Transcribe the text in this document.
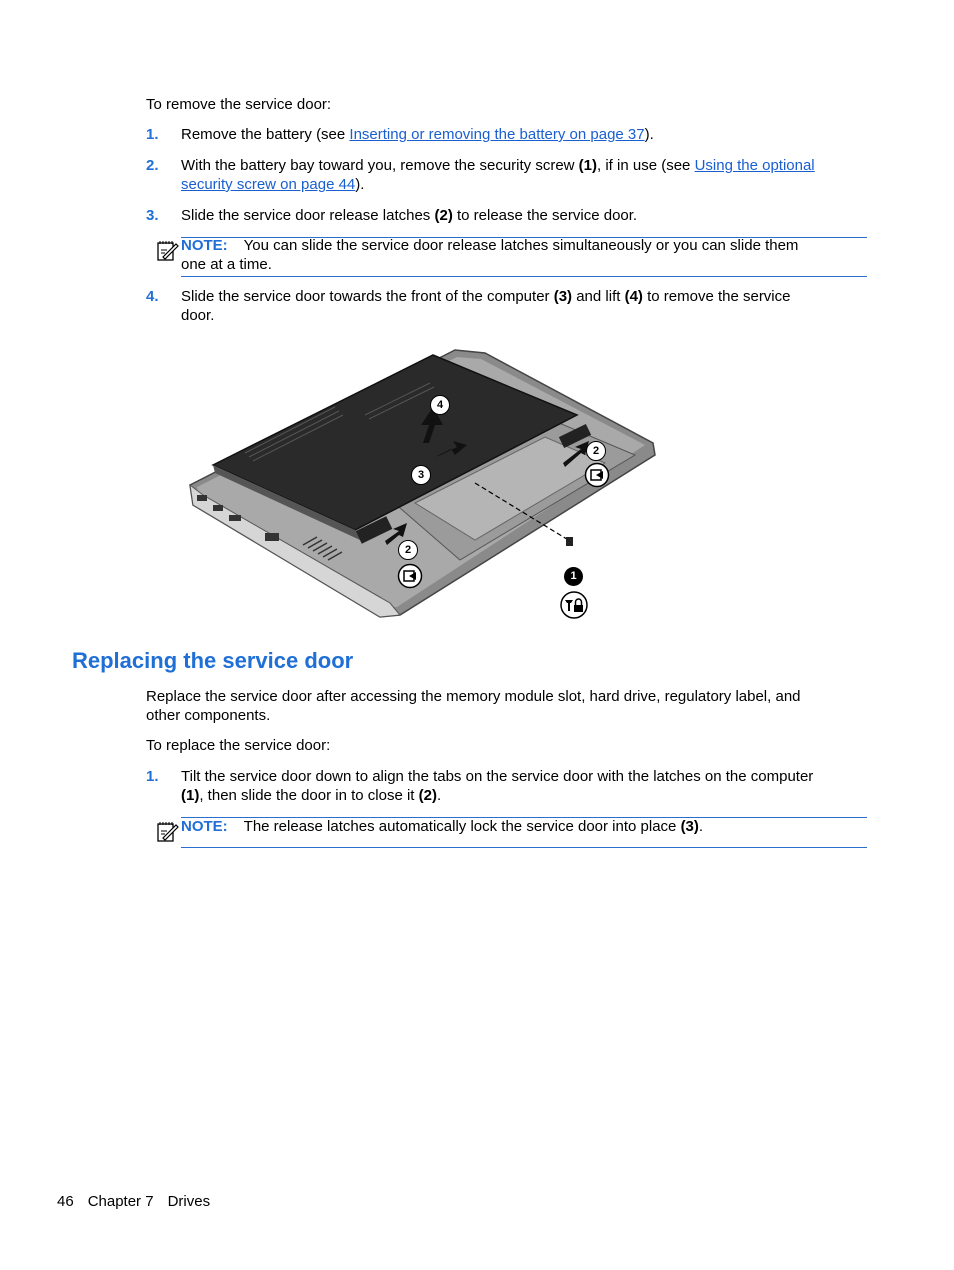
To remove the service door:
1. Remove the battery (see Inserting or removing the battery on page 37).
2. With the battery bay toward you, remove the security screw (1), if in use (see Using the optional
security screw on page 44).
3. Slide the service door release latches (2) to release the service door.
NOTE: You can slide the service door release latches simultaneously or you can slide them
one at a time.
4. Slide the service door towards the front of the computer (3) and lift (4) to remove the service
door.
4
3
2
2
1
Replacing the service door
Replace the service door after accessing the memory module slot, hard drive, regulatory label, and
other components.
To replace the service door:
1. Tilt the service door down to align the tabs on the service door with the latches on the computer
(1), then slide the door in to close it (2).
NOTE: The release latches automatically lock the service door into place (3).
46 Chapter 7 Drives
